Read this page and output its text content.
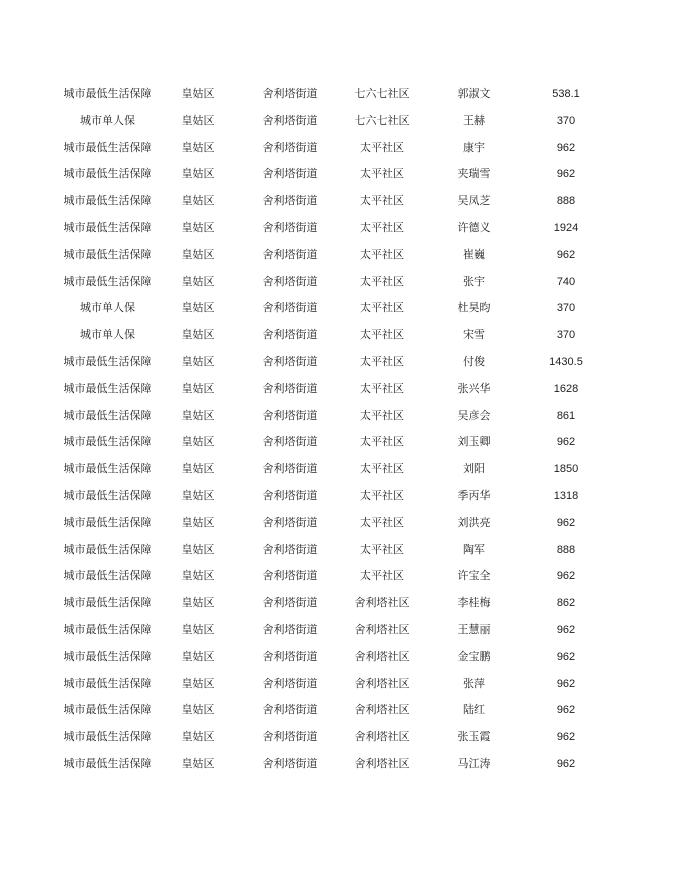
城市最低生活保障	皇姑区	舍利塔街道	七六七社区	郭淑文	538.1
城市单人保	皇姑区	舍利塔街道	七六七社区	王赫	370
城市最低生活保障	皇姑区	舍利塔街道	太平社区	康宇	962
城市最低生活保障	皇姑区	舍利塔街道	太平社区	夹瑞雪	962
城市最低生活保障	皇姑区	舍利塔街道	太平社区	吴凤芝	888
城市最低生活保障	皇姑区	舍利塔街道	太平社区	许德义	1924
城市最低生活保障	皇姑区	舍利塔街道	太平社区	崔巍	962
城市最低生活保障	皇姑区	舍利塔街道	太平社区	张宇	740
城市单人保	皇姑区	舍利塔街道	太平社区	杜昊昀	370
城市单人保	皇姑区	舍利塔街道	太平社区	宋雪	370
城市最低生活保障	皇姑区	舍利塔街道	太平社区	付俊	1430.5
城市最低生活保障	皇姑区	舍利塔街道	太平社区	张兴华	1628
城市最低生活保障	皇姑区	舍利塔街道	太平社区	吴彦会	861
城市最低生活保障	皇姑区	舍利塔街道	太平社区	刘玉卿	962
城市最低生活保障	皇姑区	舍利塔街道	太平社区	刘阳	1850
城市最低生活保障	皇姑区	舍利塔街道	太平社区	季丙华	1318
城市最低生活保障	皇姑区	舍利塔街道	太平社区	刘洪亮	962
城市最低生活保障	皇姑区	舍利塔街道	太平社区	陶军	888
城市最低生活保障	皇姑区	舍利塔街道	太平社区	许宝全	962
城市最低生活保障	皇姑区	舍利塔街道	舍利塔社区	李桂梅	862
城市最低生活保障	皇姑区	舍利塔街道	舍利塔社区	王慧丽	962
城市最低生活保障	皇姑区	舍利塔街道	舍利塔社区	金宝鹏	962
城市最低生活保障	皇姑区	舍利塔街道	舍利塔社区	张萍	962
城市最低生活保障	皇姑区	舍利塔街道	舍利塔社区	陆红	962
城市最低生活保障	皇姑区	舍利塔街道	舍利塔社区	张玉霞	962
城市最低生活保障	皇姑区	舍利塔街道	舍利塔社区	马江涛	962
